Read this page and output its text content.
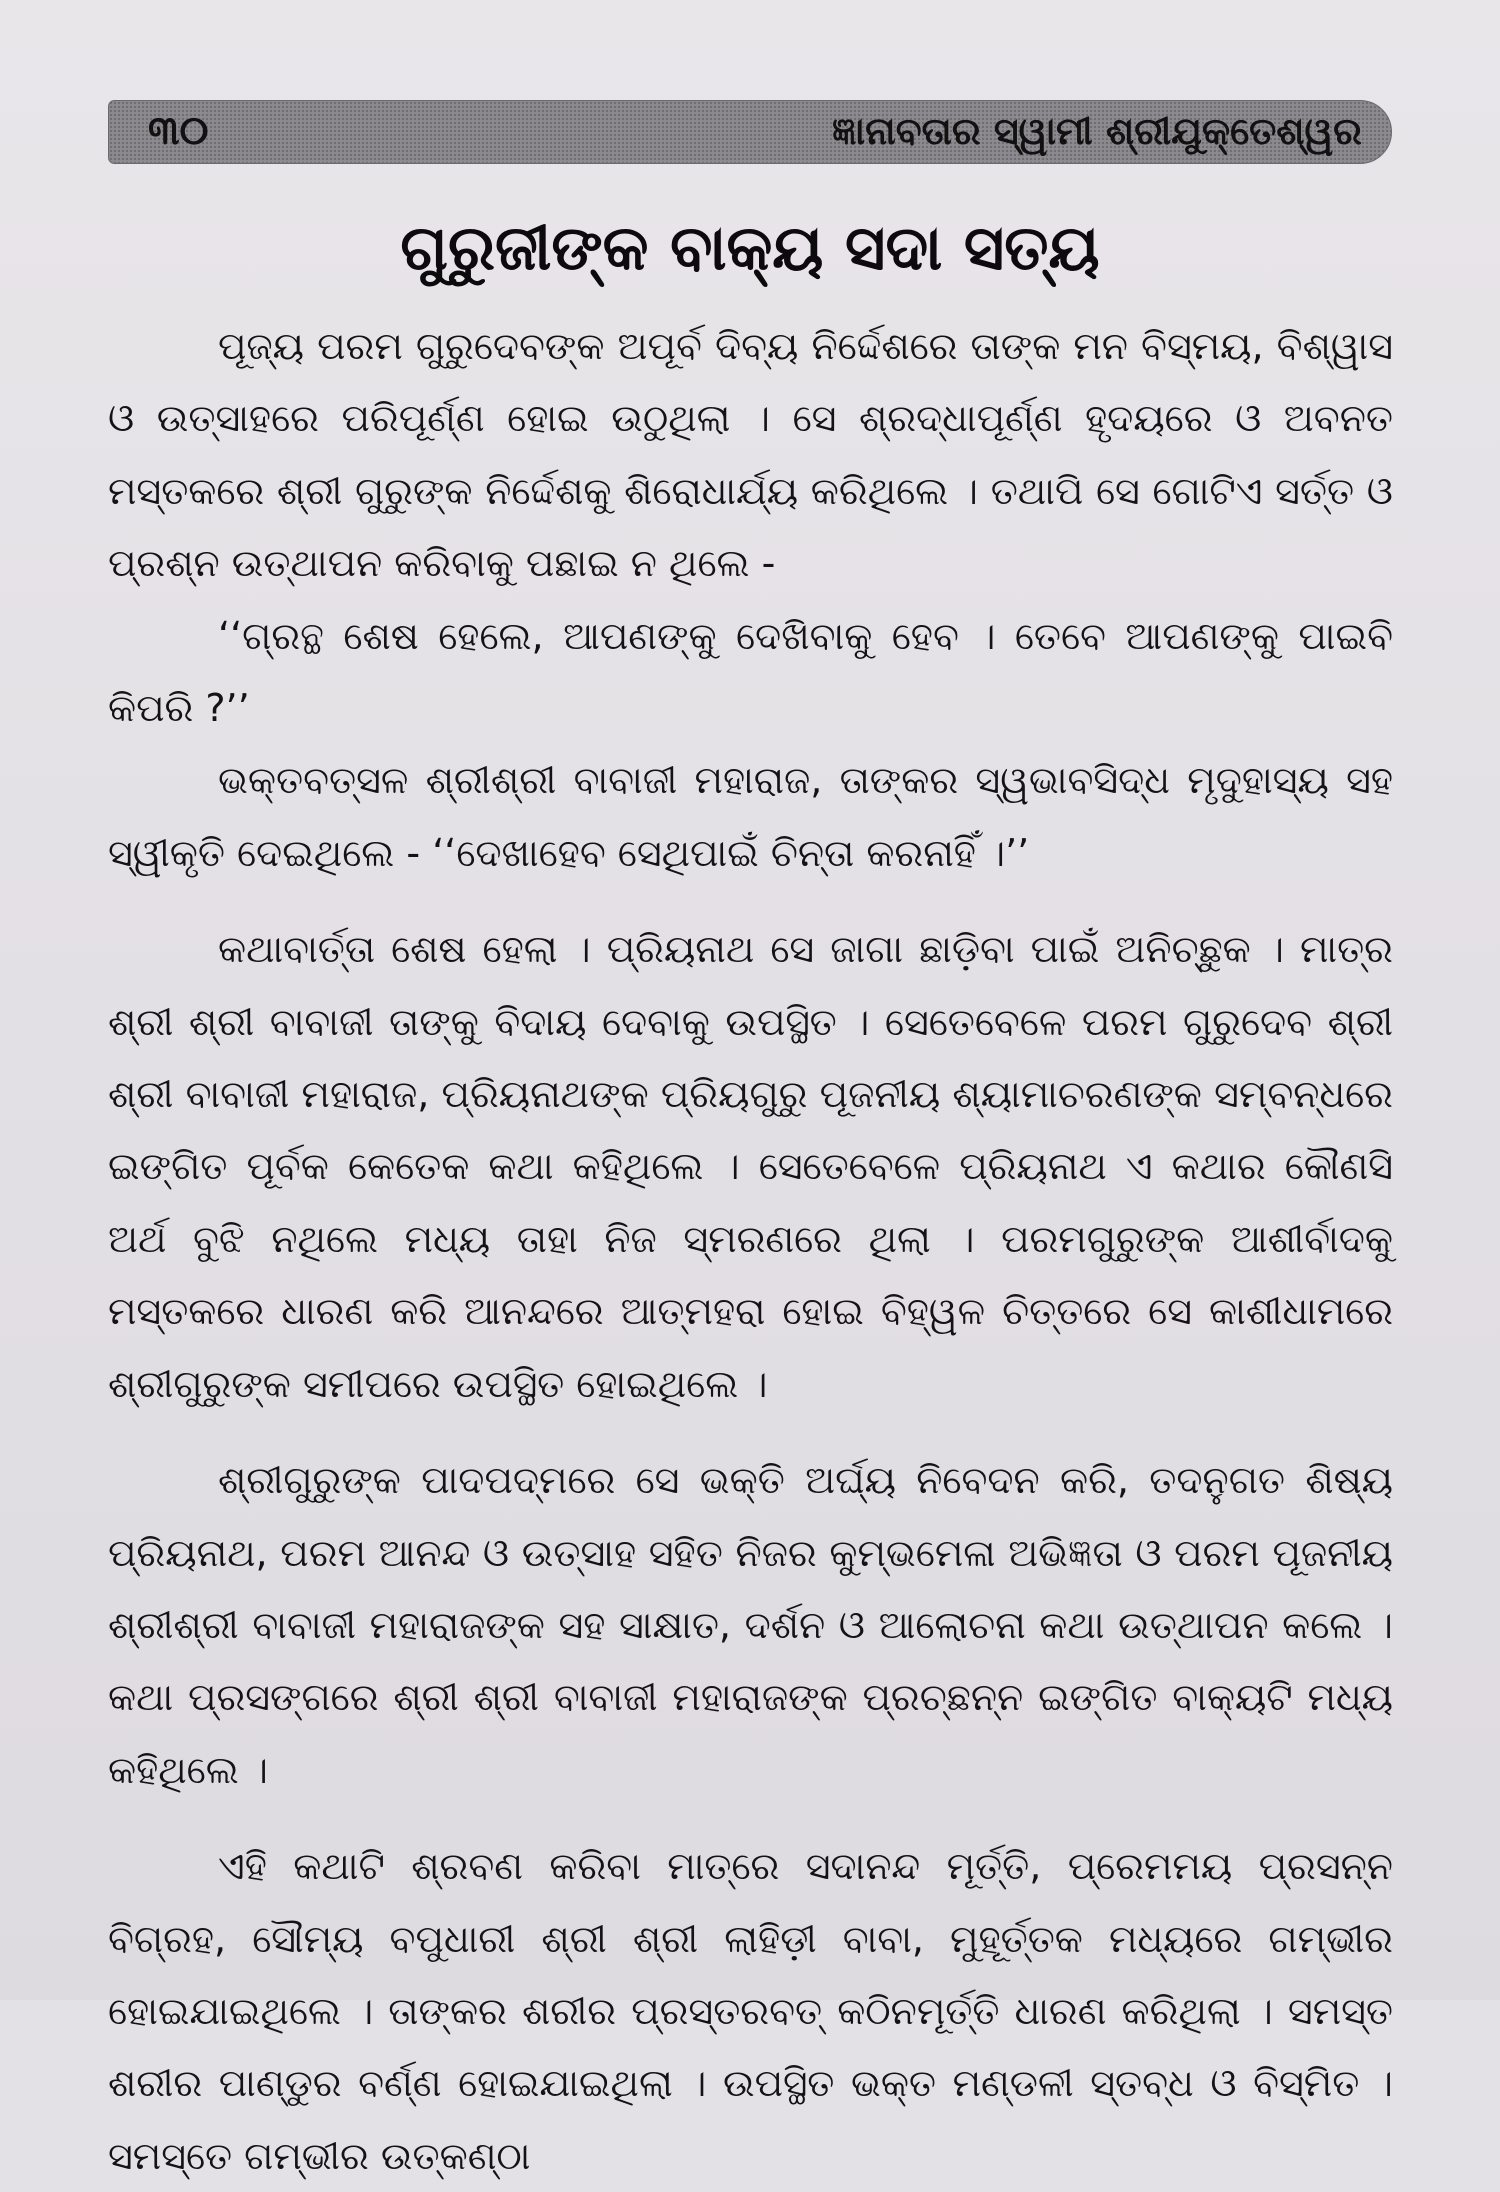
୩୦	ଜ୍ଞାନାବତାର ସ୍ୱାମୀ ଶ୍ରୀଯୁକ୍ତେଶ୍ୱର
ଗୁରୁଜୀଙ୍କ ବାକ୍ୟ ସଦା ସତ୍ୟ

ପୂଜ୍ୟ ପରମ ଗୁରୁଦେବଙ୍କ ଅପୂର୍ବ ଦିବ୍ୟ ନିର୍ଦ୍ଦେଶରେ ତାଙ୍କ ମନ ବିସ୍ମୟ, ବିଶ୍ୱାସ ଓ ଉତ୍ସାହରେ ପରିପୂର୍ଣ୍ଣ ହୋଇ ଉଠୁଥିଲା । ସେ ଶ୍ରଦ୍ଧାପୂର୍ଣ୍ଣ ହୃଦୟରେ ଓ ଅବନତ ମସ୍ତକରେ ଶ୍ରୀ ଗୁରୁଙ୍କ ନିର୍ଦ୍ଦେଶକୁ ଶିରୋଧାର୍ଯ୍ୟ କରିଥିଲେ । ତଥାପି ସେ ଗୋଟିଏ ସର୍ତ୍ତ ଓ ପ୍ରଶ୍ନ ଉତ୍‌ଥାପନ କରିବାକୁ ପଛାଇ ନ ଥିଲେ -

‘‘ଗ୍ରନ୍ଥ ଶେଷ ହେଲେ, ଆପଣଙ୍କୁ ଦେଖିବାକୁ ହେବ । ତେବେ ଆପଣଙ୍କୁ ପାଇବି କିପରି ?’’

ଭକ୍ତବତ୍ସଳ ଶ୍ରୀଶ୍ରୀ ବାବାଜୀ ମହାରାଜ, ତାଙ୍କର ସ୍ୱଭାବସିଦ୍ଧ ମୃଦୁହାସ୍ୟ ସହ ସ୍ୱୀକୃତି ଦେଇଥିଲେ - ‘‘ଦେଖାହେବ ସେଥିପାଇଁ ଚିନ୍ତା କରନାହିଁ ।’’

କଥାବାର୍ତ୍ତା ଶେଷ ହେଲା । ପ୍ରିୟନାଥ ସେ ଜାଗା ଛାଡ଼ିବା ପାଇଁ ଅନିଚ୍ଛୁକ । ମାତ୍ର ଶ୍ରୀ ଶ୍ରୀ ବାବାଜୀ ତାଙ୍କୁ ବିଦାୟ ଦେବାକୁ ଉପସ୍ଥିତ । ସେତେବେଳେ ପରମ ଗୁରୁଦେବ ଶ୍ରୀ ଶ୍ରୀ ବାବାଜୀ ମହାରାଜ, ପ୍ରିୟନାଥଙ୍କ ପ୍ରିୟଗୁରୁ ପୂଜନୀୟ ଶ୍ୟାମାଚରଣଙ୍କ ସମ୍ବନ୍ଧରେ ଇଙ୍ଗିତ ପୂର୍ବକ କେତେକ କଥା କହିଥିଲେ । ସେତେବେଳେ ପ୍ରିୟନାଥ ଏ କଥାର କୌଣସି ଅର୍ଥ ବୁଝି ନଥିଲେ ମଧ୍ୟ ତାହା ନିଜ ସ୍ମରଣରେ ଥିଲା । ପରମଗୁରୁଙ୍କ ଆଶୀର୍ବାଦକୁ ମସ୍ତକରେ ଧାରଣ କରି ଆନନ୍ଦରେ ଆତ୍ମହରା ହୋଇ ବିହ୍ୱଳ ଚିତ୍ତରେ ସେ କାଶୀଧାମରେ ଶ୍ରୀଗୁରୁଙ୍କ ସମୀପରେ ଉପସ୍ଥିତ ହୋଇଥିଲେ ।

ଶ୍ରୀଗୁରୁଙ୍କ ପାଦପଦ୍ମରେ ସେ ଭକ୍ତି ଅର୍ଘ୍ୟ ନିବେଦନ କରି, ତଦନୁଗତ ଶିଷ୍ୟ ପ୍ରିୟନାଥ, ପରମ ଆନନ୍ଦ ଓ ଉତ୍ସାହ ସହିତ ନିଜର କୁମ୍ଭମେଳା ଅଭିଜ୍ଞତା ଓ ପରମ ପୂଜନୀୟ ଶ୍ରୀଶ୍ରୀ ବାବାଜୀ ମହାରାଜଙ୍କ ସହ ସାକ୍ଷାତ, ଦର୍ଶନ ଓ ଆଲୋଚନା କଥା ଉତ୍‌ଥାପନ କଲେ । କଥା ପ୍ରସଙ୍ଗରେ ଶ୍ରୀ ଶ୍ରୀ ବାବାଜୀ ମହାରାଜଙ୍କ ପ୍ରଚ୍ଛନ୍ନ ଇଙ୍ଗିତ ବାକ୍ୟଟି ମଧ୍ୟ କହିଥିଲେ ।

ଏହି କଥାଟି ଶ୍ରବଣ କରିବା ମାତ୍ରେ ସଦାନନ୍ଦ ମୂର୍ତ୍ତି, ପ୍ରେମମୟ ପ୍ରସନ୍ନ ବିଗ୍ରହ, ସୌମ୍ୟ ବପୁଧାରୀ ଶ୍ରୀ ଶ୍ରୀ ଲାହିଡ଼ୀ ବାବା, ମୁହୂର୍ତ୍ତକ ମଧ୍ୟରେ ଗମ୍ଭୀର ହୋଇଯାଇଥିଲେ । ତାଙ୍କର ଶରୀର ପ୍ରସ୍ତରବତ୍ କଠିନମୂର୍ତ୍ତି ଧାରଣ କରିଥିଲା । ସମସ୍ତ ଶରୀର ପାଣ୍ଡୁର ବର୍ଣ୍ଣ ହୋଇଯାଇଥିଲା । ଉପସ୍ଥିତ ଭକ୍ତ ମଣ୍ଡଳୀ ସ୍ତବ୍ଧ ଓ ବିସ୍ମିତ । ସମସ୍ତେ ଗମ୍ଭୀର ଉତ୍କଣ୍ଠା
